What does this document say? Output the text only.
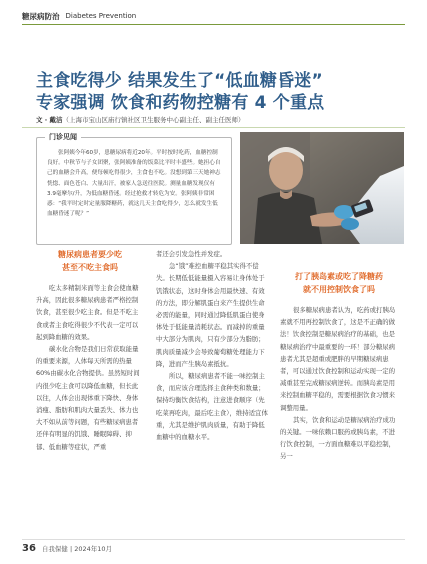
糖尿病防治 Diabetes Prevention
主食吃得少 结果发生了“低血糖昏迷”
专家强调 饮食和药物控糖有 4 个重点
文 · 戴洁（上海市宝山区庙行镇社区卫生服务中心副主任、副主任医师）
门诊见闻

张阿姨今年60岁，患糖尿病将近20年。平时按时吃药，血糖控制良好。中秋节与子女团聚，张阿姨准备的饭菜比平时丰盛些。她担心自己的血糖会升高，便每顿吃得很少，主食也不吃。没想到第三天她神志恍惚、面色苍白、大量出汗，被家人急送往医院。测量血糖发现仅有3.9毫摩尔/升，为低血糖昏迷。经过抢救才转危为安。张阿姨非常困惑：“我平时定时定量服降糖药，就这几天主食吃得少，怎么就发生低血糖昏迷了呢？”

糖尿病患者要少吃
甚至不吃主食吗

吃太多精制米面等主食会使血糖升高，因此很多糖尿病患者严格控制饮食，甚至很少吃主食。但是不吃主食或者主食吃得很少不代表一定可以起到降血糖的效果。

碳水化合物是我们日常获取能量的重要来源，人体每天所需的热量60%由碳水化合物提供。虽然短时间内很少吃主食可以降低血糖，但长此以往，人体会出现体重下降快、身体消瘦、脂肪和肌肉大量丢失、体力也大不如从前等问题，有些糖尿病患者还伴有明显的饥饿、睡眠障碍、抑郁、低血糖等症状，严重

者还会引发急性并发症。

急“饿”难控血糖平稳其实得不偿失。长期低低能量摄入容易让身体处于饥饿状态，这时身体会用最快速、有效的方法，即分解肌蛋白来产生提供生命必需的能量，同时通过降低肌蛋白使身体处于低能量消耗状态。而减掉的重量中大部分为肌肉，只有少部分为脂肪；肌肉质量减少会导致葡萄糖处理能力下降，进而产生胰岛素抵抗。

所以，糖尿病患者不能一味控制主食，而应该合理选择主食种类和数量；保持均衡饮食结构，注意进食顺序（先吃菜再吃肉，最后吃主食），维持适宜体重，尤其是维护肌肉质量，有助于降低血糖中的血糖水平。

打了胰岛素或吃了降糖药
就不用控制饮食了吗

很多糖尿病患者认为，吃药或打胰岛素就不用再控制饮食了，这是不正确的做法！饮食控制是糖尿病治疗的基础，也是糖尿病治疗中最重要的一环！部分糖尿病患者尤其是超重或肥胖的早期糖尿病患者，可以通过饮食控制和运动实现一定的减重甚至完成糖尿病逆转。而胰岛素是用来控制血糖平稳的，需要根据饮食习惯来调整用量。

其实，饮食和运动是糖尿病治疗成功的关键。一味依赖口服药或胰岛素，不进行饮食控制，一方面血糖难以平稳控制，另一

36 自我保健 | 2024年10月
